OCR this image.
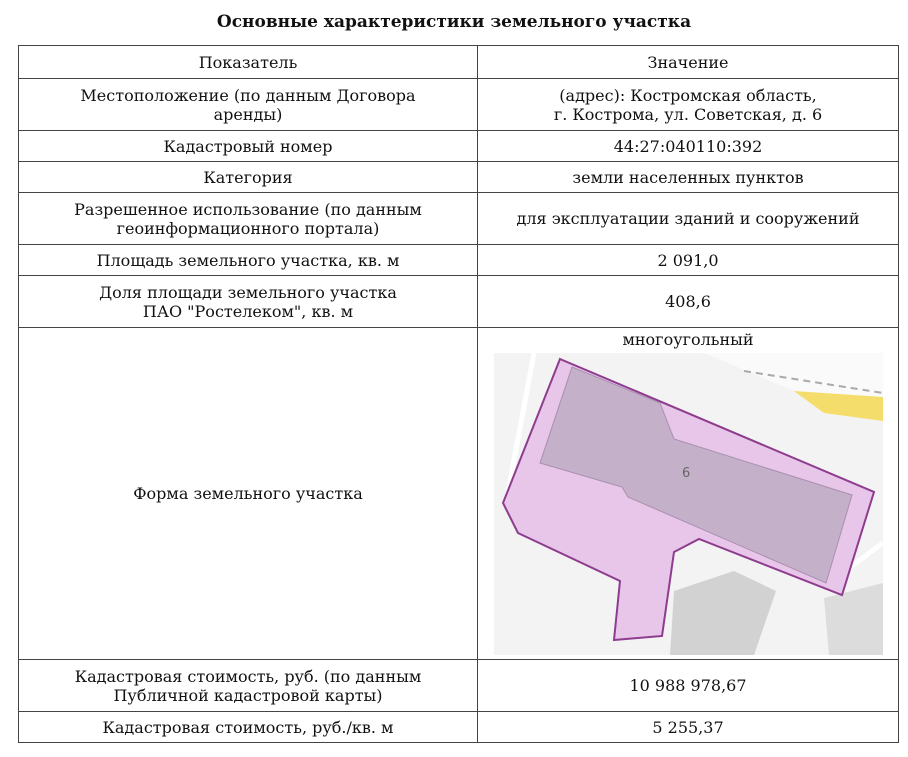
Основные характеристики земельного участка
Показатель	Значение
Местоположение (по данным Договора
аренды)	(адрес): Костромская область,
г. Кострома, ул. Советская, д. 6
Кадастровый номер	44:27:040110:392
Категория	земли населенных пунктов
Разрешенное использование (по данным
геоинформационного портала)	для эксплуатации зданий и сооружений
Площадь земельного участка, кв. м	2 091,0
Доля площади земельного участка
ПАО "Ростелеком", кв. м	408,6
Форма земельного участка	многоугольный
6

Кадастровая стоимость, руб. (по данным
Публичной кадастровой карты)	10 988 978,67
Кадастровая стоимость, руб./кв. м	5 255,37
